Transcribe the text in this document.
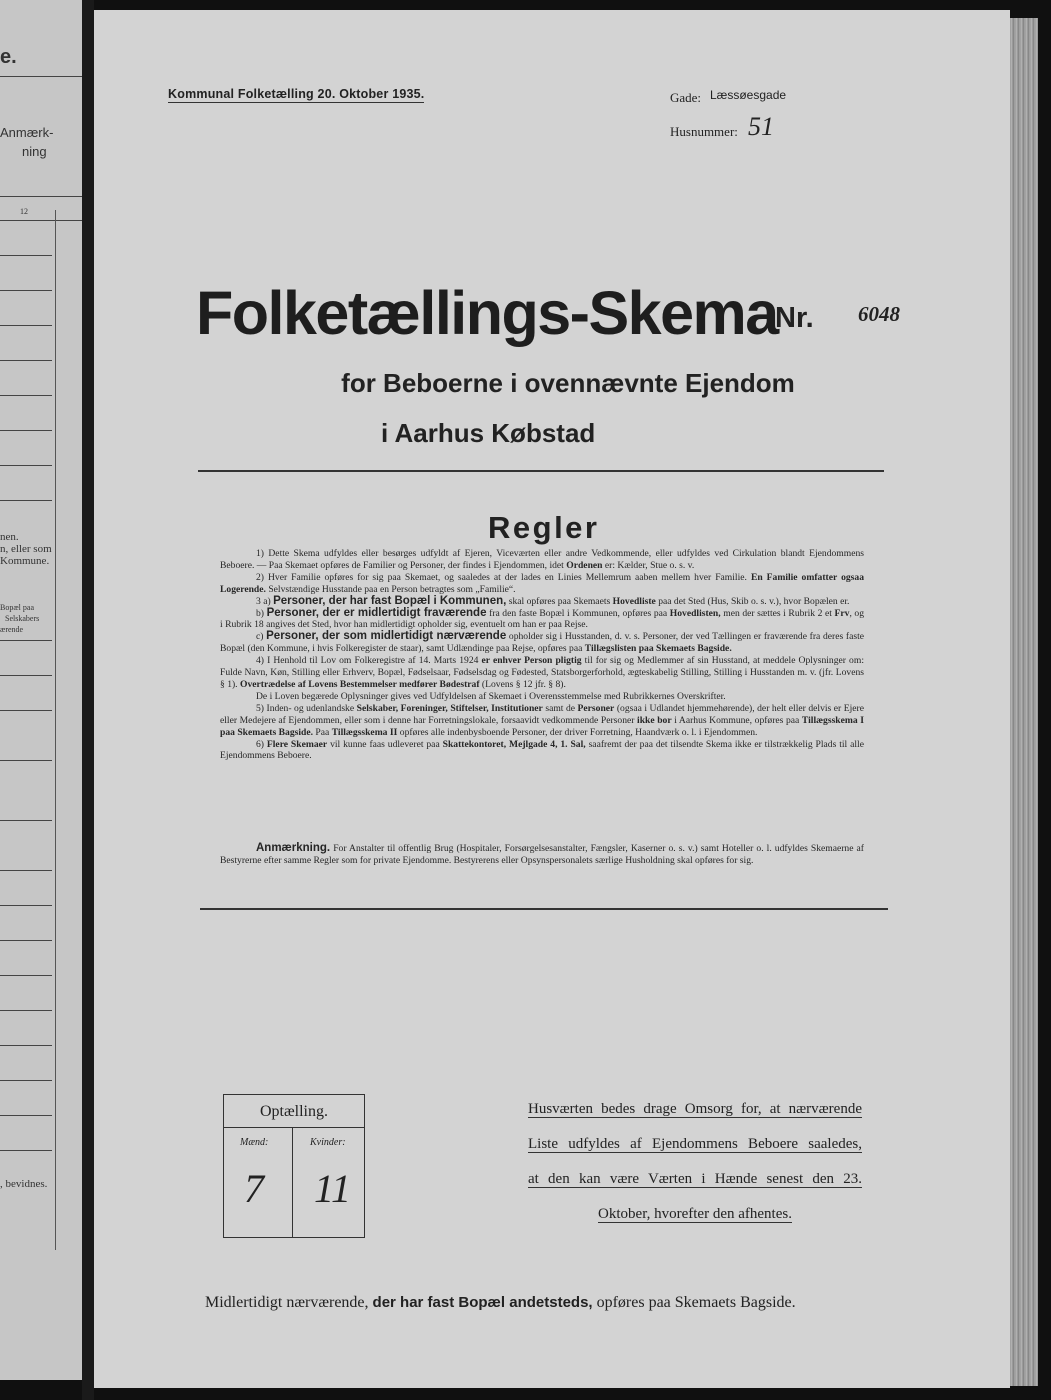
e.
Anmærk-
ning
12
nen.
n, eller som
Kommune.
Bopæl paa
Selskabers
ærende
, bevidnes.
Kommunal Folketælling 20. Oktober 1935.	Gade: Læssøesgade
Husnummer: 51
Folketællings-Skema
Nr. 6048
for Beboerne i ovennævnte Ejendom
i Aarhus Købstad
Regler

1) Dette Skema udfyldes eller besørges udfyldt af Ejeren, Viceværten eller andre Vedkommende, eller udfyldes ved Cirkulation blandt Ejendommens Beboere. — Paa Skemaet opføres de Familier og Personer, der findes i Ejendommen, idet Ordenen er: Kælder, Stue o. s. v.

2) Hver Familie opføres for sig paa Skemaet, og saaledes at der lades en Linies Mellemrum aaben mellem hver Familie. En Familie omfatter ogsaa Logerende. Selvstændige Husstande paa en Person betragtes som „Familie“.

3 a) Personer, der har fast Bopæl i Kommunen, skal opføres paa Skemaets Hovedliste paa det Sted (Hus, Skib o. s. v.), hvor Bopælen er.

b) Personer, der er midlertidigt fraværende fra den faste Bopæl i Kommunen, opføres paa Hovedlisten, men der sættes i Rubrik 2 et Frv, og i Rubrik 18 angives det Sted, hvor han midlertidigt opholder sig, eventuelt om han er paa Rejse.

c) Personer, der som midlertidigt nærværende opholder sig i Husstanden, d. v. s. Personer, der ved Tællingen er fraværende fra deres faste Bopæl (den Kommune, i hvis Folkeregister de staar), samt Udlændinge paa Rejse, opføres paa Tillægslisten paa Skemaets Bagside.

4) I Henhold til Lov om Folkeregistre af 14. Marts 1924 er enhver Person pligtig til for sig og Medlemmer af sin Husstand, at meddele Oplysninger om: Fulde Navn, Køn, Stilling eller Erhverv, Bopæl, Fødselsaar, Fødselsdag og Fødested, Statsborgerforhold, ægteskabelig Stilling, Stilling i Husstanden m. v. (jfr. Lovens § 1). Overtrædelse af Lovens Bestemmelser medfører Bødestraf (Lovens § 12 jfr. § 8).

De i Loven begærede Oplysninger gives ved Udfyldelsen af Skemaet i Overensstemmelse med Rubrikkernes Overskrifter.

5) Inden- og udenlandske Selskaber, Foreninger, Stiftelser, Institutioner samt de Personer (ogsaa i Udlandet hjemmehørende), der helt eller delvis er Ejere eller Medejere af Ejendommen, eller som i denne har Forretningslokale, forsaavidt vedkommende Personer ikke bor i Aarhus Kommune, opføres paa Tillægsskema I paa Skemaets Bagside. Paa Tillægsskema II opføres alle indenbysboende Personer, der driver Forretning, Haandværk o. l. i Ejendommen.

6) Flere Skemaer vil kunne faas udleveret paa Skattekontoret, Mejlgade 4, 1. Sal, saafremt der paa det tilsendte Skema ikke er tilstrækkelig Plads til alle Ejendommens Beboere.

Anmærkning. For Anstalter til offentlig Brug (Hospitaler, Forsørgelsesanstalter, Fængsler, Kaserner o. s. v.) samt Hoteller o. l. udfyldes Skemaerne af Bestyrerne efter samme Regler som for private Ejendomme. Bestyrerens eller Opsynspersonalets særlige Husholdning skal opføres for sig.

Optælling.
Mænd:	Kvinder:
7 11
Husværten bedes drage Omsorg for, at nærværende
Liste udfyldes af Ejendommens Beboere saaledes,
at den kan være Værten i Hænde senest den 23.
Oktober, hvorefter den afhentes.
Midlertidigt nærværende, der har fast Bopæl andetsteds, opføres paa Skemaets Bagside.
